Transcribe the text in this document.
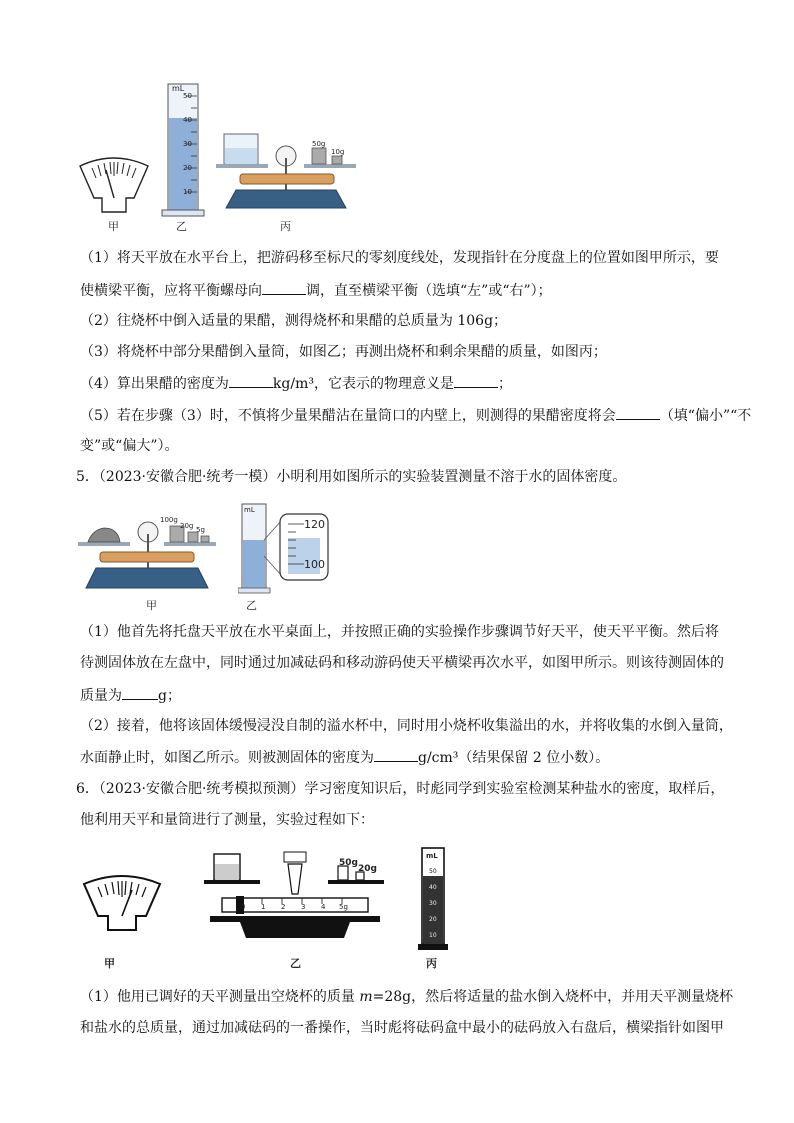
甲
mL
50
40
30
20
10
乙
50g
10g
丙
（1）将天平放在水平台上，把游码移至标尺的零刻度线处，发现指针在分度盘上的位置如图甲所示，要
使横梁平衡，应将平衡螺母向	调，直至横梁平衡（选填“左”或“右”）；
（2）往烧杯中倒入适量的果醋，测得烧杯和果醋的总质量为 106g；
（3）将烧杯中部分果醋倒入量筒，如图乙；再测出烧杯和剩余果醋的质量，如图丙；
（4）算出果醋的密度为	kg/m³，它表示的物理意义是	；
（5）若在步骤（3）时，不慎将少量果醋沾在量筒口的内壁上，则测得的果醋密度将会	（填“偏小”“不
变”或“偏大”）。
5．（2023·安徽合肥·统考一模）小明利用如图所示的实验装置测量不溶于水的固体密度。
100g
20g 5g
甲
mL
120
100
乙
（1）他首先将托盘天平放在水平桌面上，并按照正确的实验操作步骤调节好天平，使天平平衡。然后将
待测固体放在左盘中，同时通过加减砝码和移动游码使天平横梁再次水平，如图甲所示。则该待测固体的
质量为	g；
（2）接着，他将该固体缓慢浸没自制的溢水杯中，同时用小烧杯收集溢出的水，并将收集的水倒入量筒，
水面静止时，如图乙所示。则被测固体的密度为	g/cm³（结果保留 2 位小数）。
6．（2023·安徽合肥·统考模拟预测）学习密度知识后，时彪同学到实验室检测某种盐水的密度，取样后，
他利用天平和量筒进行了测量，实验过程如下：
甲
50g
20g
0 1 2 3 4 5g
乙
mL
50
40
30
20
10
丙
（1）他用已调好的天平测量出空烧杯的质量 m=28g，然后将适量的盐水倒入烧杯中，并用天平测量烧杯
和盐水的总质量，通过加减砝码的一番操作，当时彪将砝码盒中最小的砝码放入右盘后，横梁指针如图甲
